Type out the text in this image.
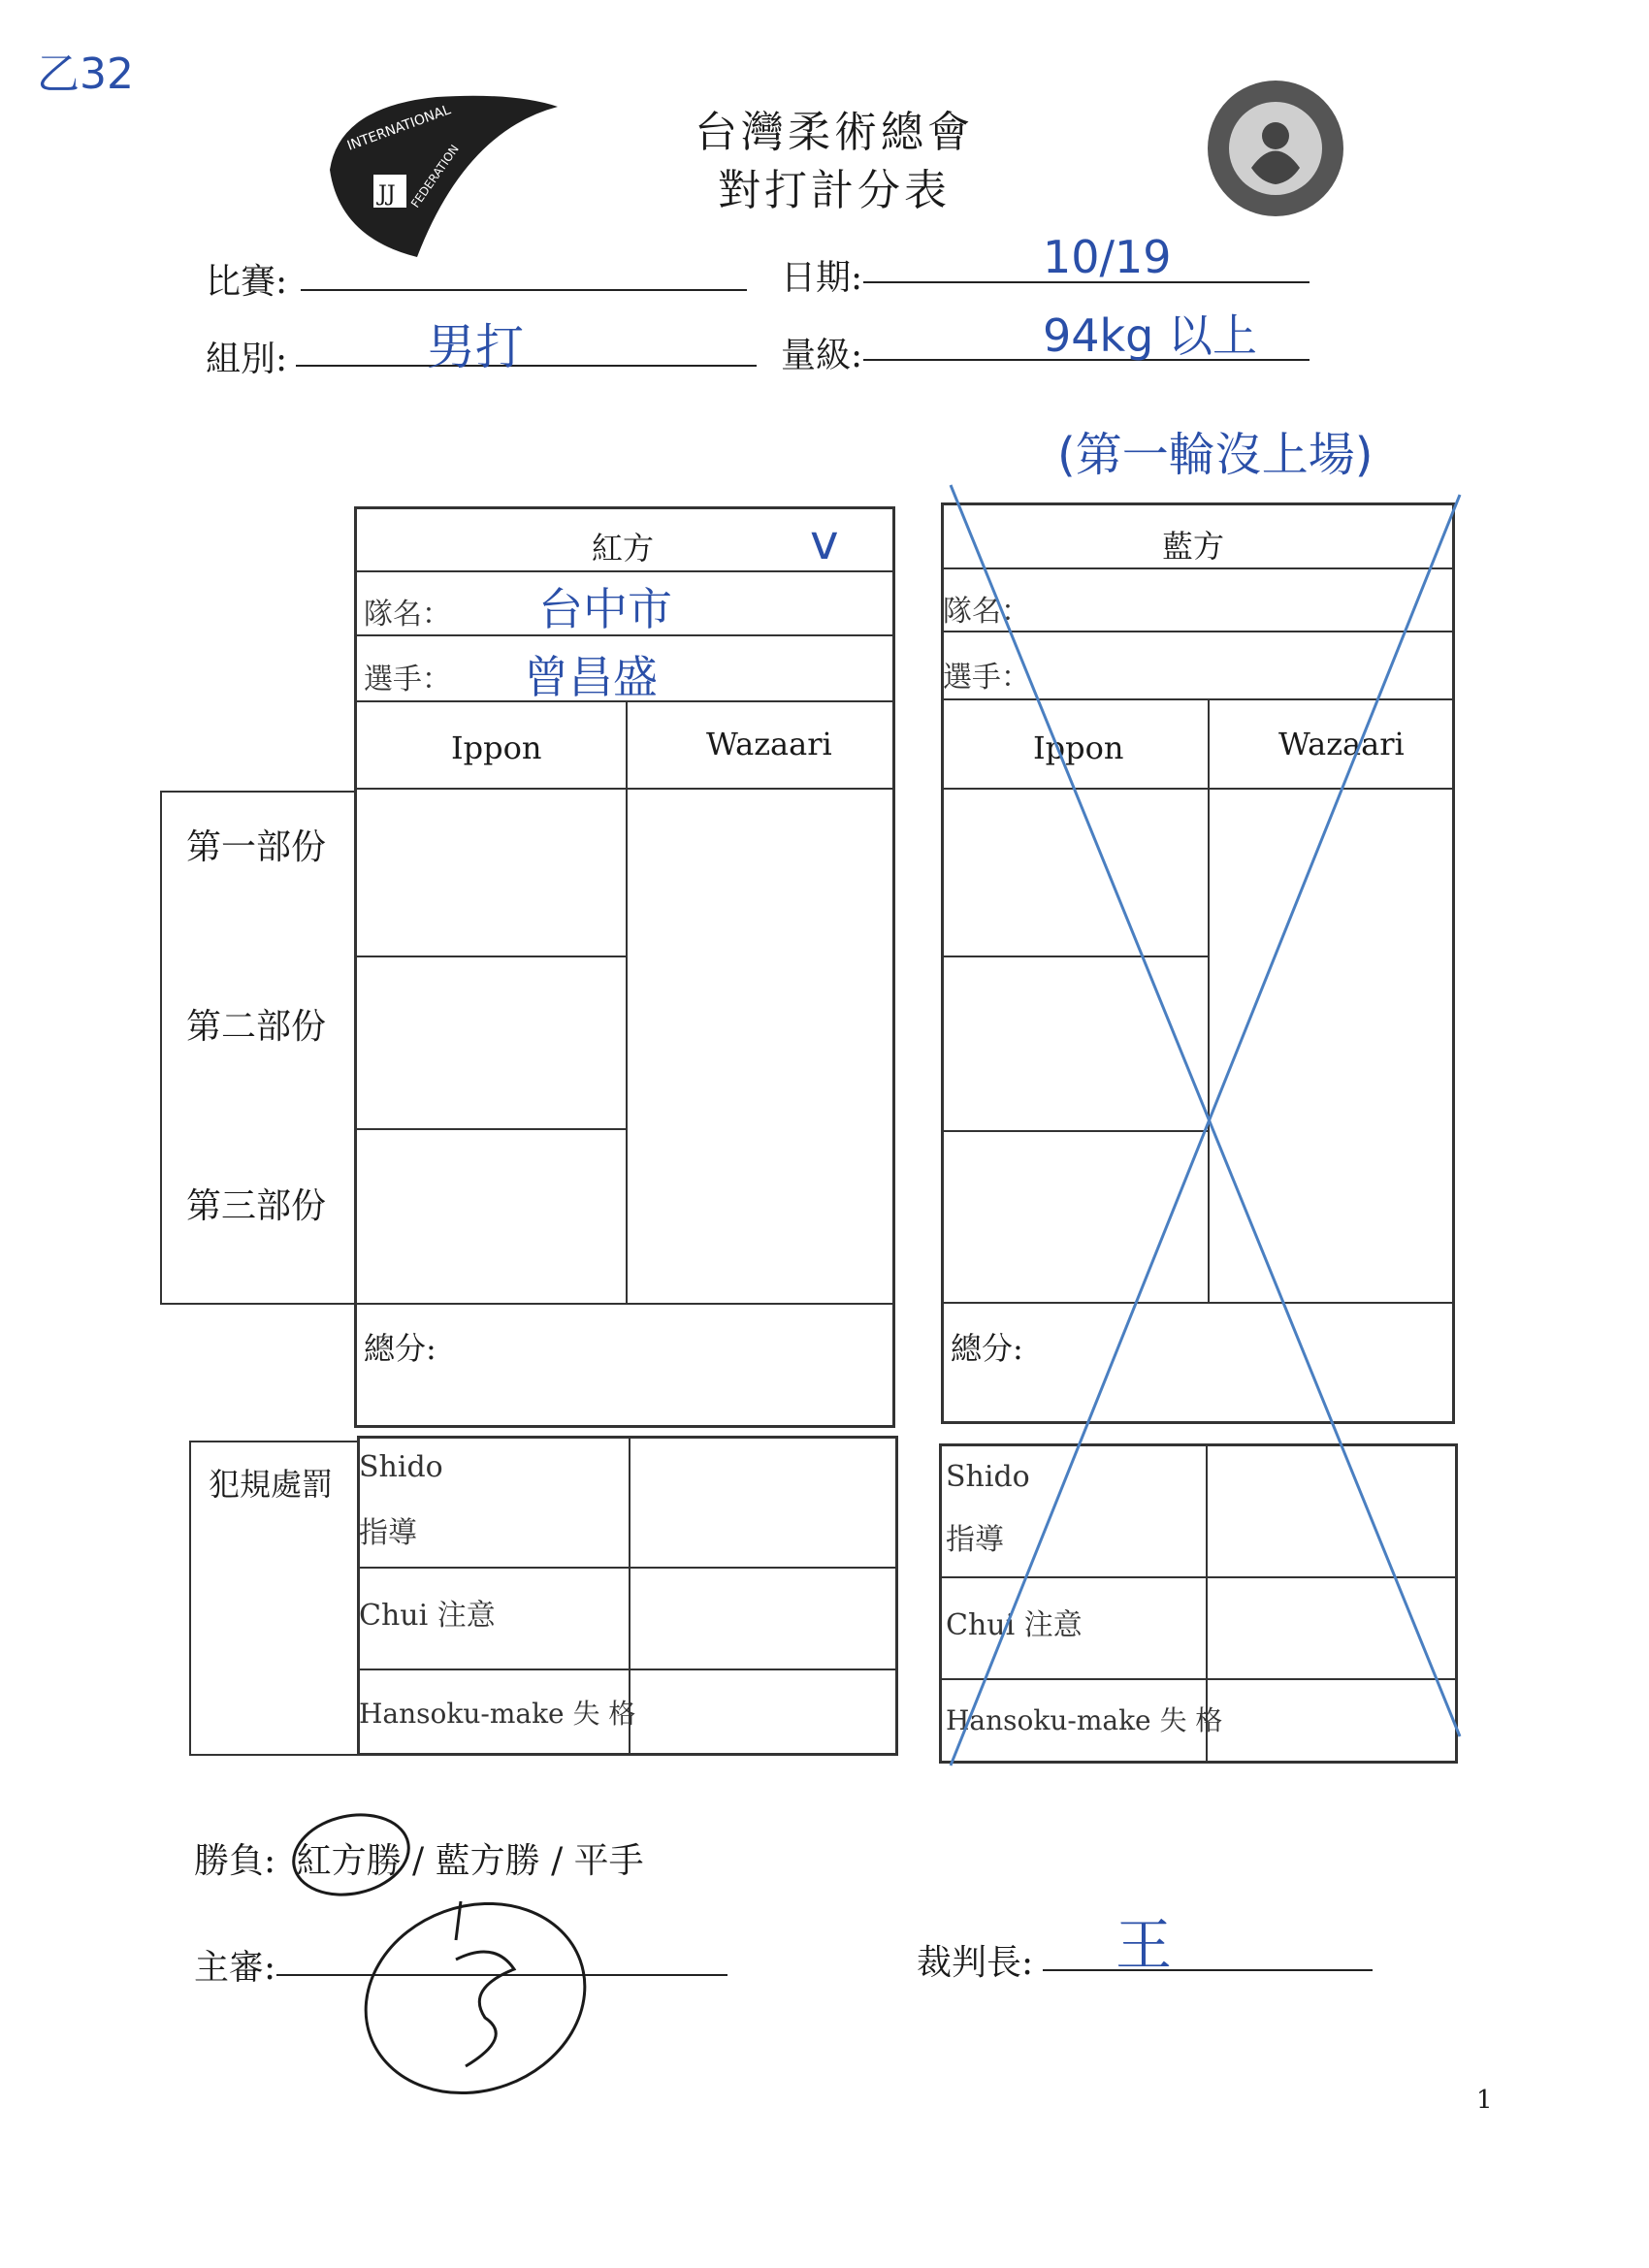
乙32
INTERNATIONAL
FEDERATION
JJ
台灣柔術總會
對打計分表
比賽:	日期:	10/19
組別:	男打	量級:	94kg 以上
(第一輪沒上場)
紅方	v
隊名： 台中市
選手： 曾昌盛
Ippon	Wazaari
總分:
第一部份
第二部份
第三部份
犯規處罰 Shido
指導
Chui 注意
Hansoku-make 失 格
藍方
隊名：
選手：
Ippon	Wazaari
總分:
Shido
指導
Chui 注意
Hansoku-make 失 格
勝負: 紅方勝 / 藍方勝 / 平手
主審:	裁判長: 王
1
